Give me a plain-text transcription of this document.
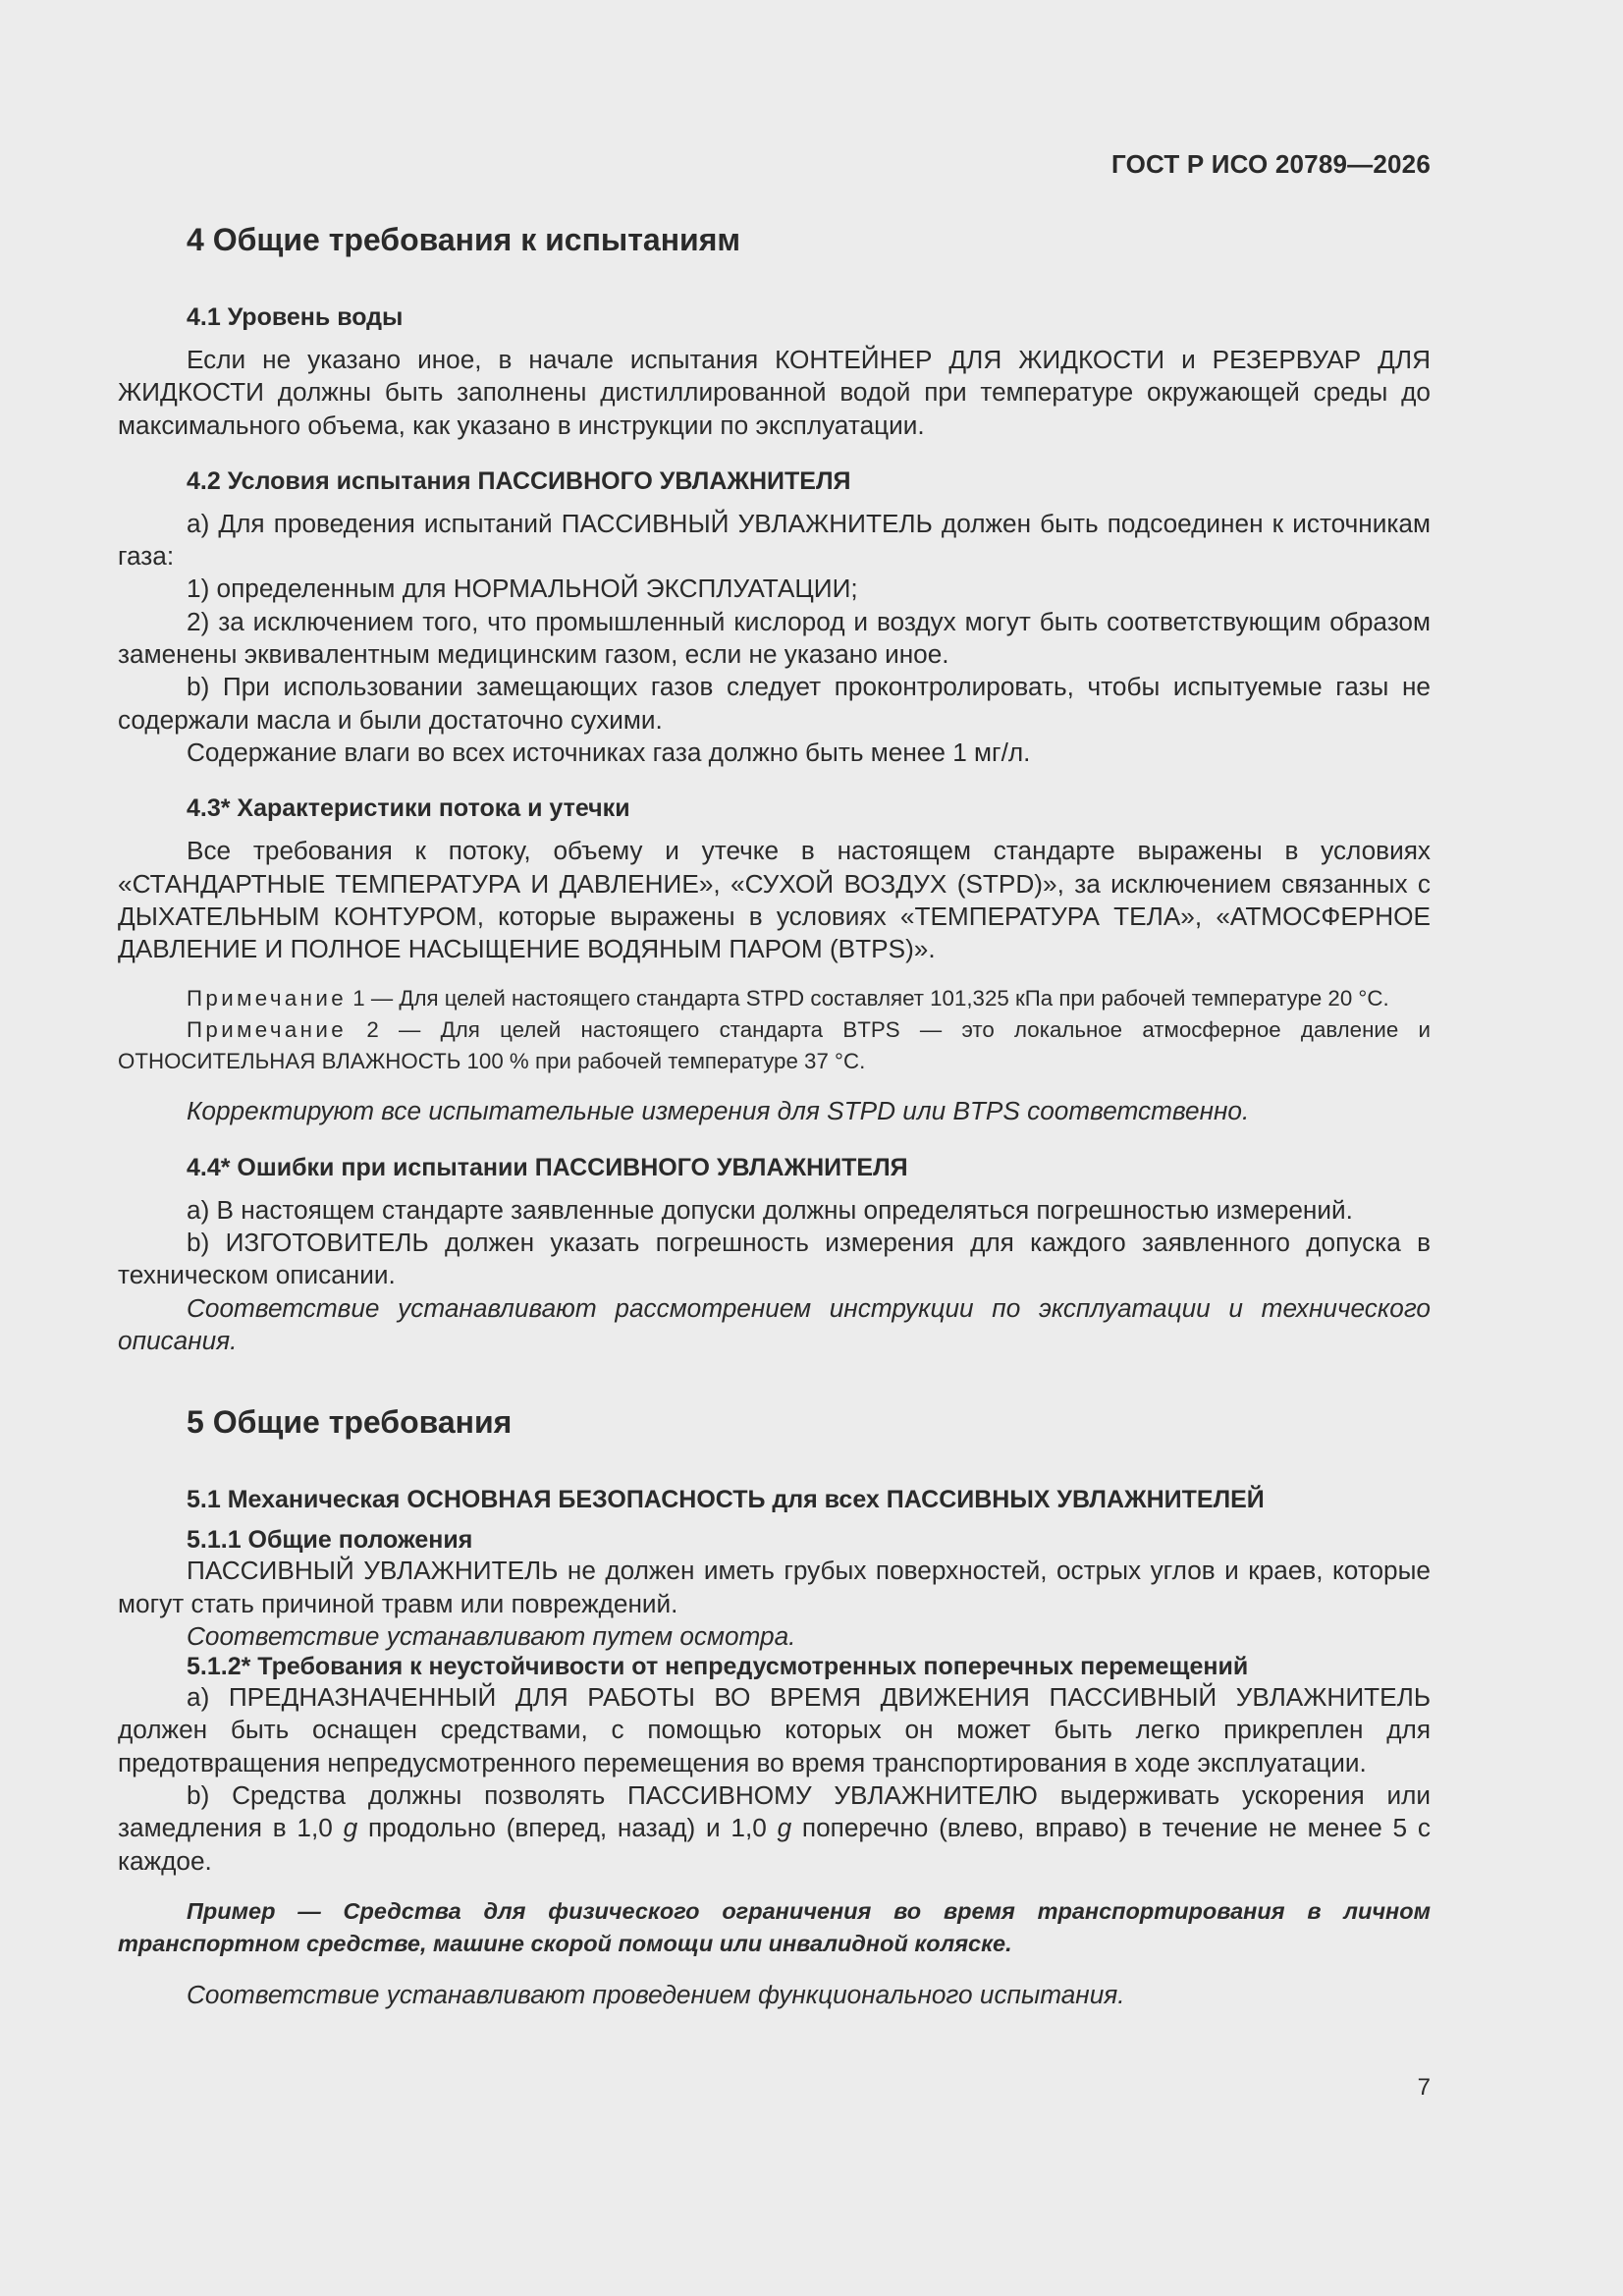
ГОСТ Р ИСО 20789—2026
4 Общие требования к испытаниям
4.1 Уровень воды

Если не указано иное, в начале испытания КОНТЕЙНЕР ДЛЯ ЖИДКОСТИ и РЕЗЕРВУАР ДЛЯ ЖИДКОСТИ должны быть заполнены дистиллированной водой при температуре окружающей среды до максимального объема, как указано в инструкции по эксплуатации.

4.2 Условия испытания ПАССИВНОГО УВЛАЖНИТЕЛЯ

a) Для проведения испытаний ПАССИВНЫЙ УВЛАЖНИТЕЛЬ должен быть подсоединен к источникам газа:

1) определенным для НОРМАЛЬНОЙ ЭКСПЛУАТАЦИИ;

2) за исключением того, что промышленный кислород и воздух могут быть соответствующим образом заменены эквивалентным медицинским газом, если не указано иное.

b) При использовании замещающих газов следует проконтролировать, чтобы испытуемые газы не содержали масла и были достаточно сухими.

Содержание влаги во всех источниках газа должно быть менее 1 мг/л.

4.3* Характеристики потока и утечки

Все требования к потоку, объему и утечке в настоящем стандарте выражены в условиях «СТАНДАРТНЫЕ ТЕМПЕРАТУРА И ДАВЛЕНИЕ», «СУХОЙ ВОЗДУХ (STPD)», за исключением связанных с ДЫХАТЕЛЬНЫМ КОНТУРОМ, которые выражены в условиях «ТЕМПЕРАТУРА ТЕЛА», «АТМОСФЕРНОЕ ДАВЛЕНИЕ И ПОЛНОЕ НАСЫЩЕНИЕ ВОДЯНЫМ ПАРОМ (BTPS)».

Примечание 1 — Для целей настоящего стандарта STPD составляет 101,325 кПа при рабочей температуре 20 °С.

Примечание 2 — Для целей настоящего стандарта BTPS — это локальное атмосферное давление и ОТНОСИТЕЛЬНАЯ ВЛАЖНОСТЬ 100 % при рабочей температуре 37 °С.

Корректируют все испытательные измерения для STPD или BTPS соответственно.

4.4* Ошибки при испытании ПАССИВНОГО УВЛАЖНИТЕЛЯ

a) В настоящем стандарте заявленные допуски должны определяться погрешностью измерений.

b) ИЗГОТОВИТЕЛЬ должен указать погрешность измерения для каждого заявленного допуска в техническом описании.

Соответствие устанавливают рассмотрением инструкции по эксплуатации и технического описания.

5 Общие требования
5.1 Механическая ОСНОВНАЯ БЕЗОПАСНОСТЬ для всех ПАССИВНЫХ УВЛАЖНИТЕЛЕЙ
5.1.1 Общие положения

ПАССИВНЫЙ УВЛАЖНИТЕЛЬ не должен иметь грубых поверхностей, острых углов и краев, которые могут стать причиной травм или повреждений.

Соответствие устанавливают путем осмотра.

5.1.2* Требования к неустойчивости от непредусмотренных поперечных перемещений

a) ПРЕДНАЗНАЧЕННЫЙ ДЛЯ РАБОТЫ ВО ВРЕМЯ ДВИЖЕНИЯ ПАССИВНЫЙ УВЛАЖНИТЕЛЬ должен быть оснащен средствами, с помощью которых он может быть легко прикреплен для предотвращения непредусмотренного перемещения во время транспортирования в ходе эксплуатации.

b) Средства должны позволять ПАССИВНОМУ УВЛАЖНИТЕЛЮ выдерживать ускорения или замедления в 1,0 g продольно (вперед, назад) и 1,0 g поперечно (влево, вправо) в течение не менее 5 с каждое.

Пример — Средства для физического ограничения во время транспортирования в личном транспортном средстве, машине скорой помощи или инвалидной коляске.

Соответствие устанавливают проведением функционального испытания.

7
